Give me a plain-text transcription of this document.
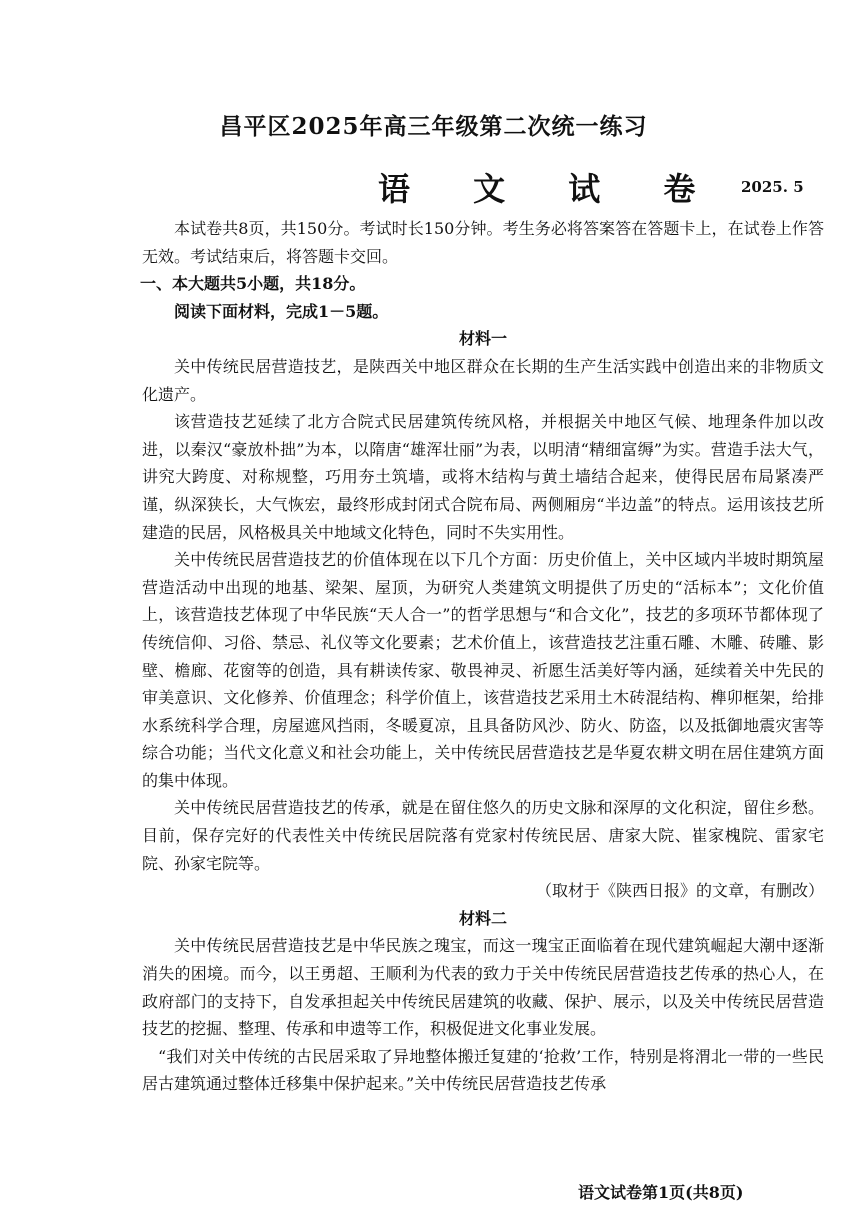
昌平区2025年高三年级第二次统一练习
语 文 试 卷 2025. 5

本试卷共8页，共150分。考试时长150分钟。考生务必将答案答在答题卡上，在试卷上作答无效。考试结束后，将答题卡交回。

一、本大题共5小题，共18分。

阅读下面材料，完成1－5题。

材料一

关中传统民居营造技艺，是陕西关中地区群众在长期的生产生活实践中创造出来的非物质文化遗产。

该营造技艺延续了北方合院式民居建筑传统风格，并根据关中地区气候、地理条件加以改进，以秦汉“豪放朴拙”为本，以隋唐“雄浑壮丽”为表，以明清“精细富缛”为实。营造手法大气，讲究大跨度、对称规整，巧用夯土筑墙，或将木结构与黄土墙结合起来，使得民居布局紧凑严谨，纵深狭长，大气恢宏，最终形成封闭式合院布局、两侧厢房“半边盖”的特点。运用该技艺所建造的民居，风格极具关中地域文化特色，同时不失实用性。

关中传统民居营造技艺的价值体现在以下几个方面：历史价值上，关中区域内半坡时期筑屋营造活动中出现的地基、梁架、屋顶，为研究人类建筑文明提供了历史的“活标本”；文化价值上，该营造技艺体现了中华民族“天人合一”的哲学思想与“和合文化”，技艺的多项环节都体现了传统信仰、习俗、禁忌、礼仪等文化要素；艺术价值上，该营造技艺注重石雕、木雕、砖雕、影壁、檐廊、花窗等的创造，具有耕读传家、敬畏神灵、祈愿生活美好等内涵，延续着关中先民的审美意识、文化修养、价值理念；科学价值上，该营造技艺采用土木砖混结构、榫卯框架，给排水系统科学合理，房屋遮风挡雨，冬暖夏凉，且具备防风沙、防火、防盗，以及抵御地震灾害等综合功能；当代文化意义和社会功能上，关中传统民居营造技艺是华夏农耕文明在居住建筑方面的集中体现。

关中传统民居营造技艺的传承，就是在留住悠久的历史文脉和深厚的文化积淀，留住乡愁。目前，保存完好的代表性关中传统民居院落有党家村传统民居、唐家大院、崔家槐院、雷家宅院、孙家宅院等。

（取材于《陕西日报》的文章，有删改）

材料二

关中传统民居营造技艺是中华民族之瑰宝，而这一瑰宝正面临着在现代建筑崛起大潮中逐渐消失的困境。而今，以王勇超、王顺利为代表的致力于关中传统民居营造技艺传承的热心人，在政府部门的支持下，自发承担起关中传统民居建筑的收藏、保护、展示，以及关中传统民居营造技艺的挖掘、整理、传承和申遗等工作，积极促进文化事业发展。

“我们对关中传统的古民居采取了异地整体搬迁复建的‘抢救’工作，特别是将渭北一带的一些民居古建筑通过整体迁移集中保护起来。”关中传统民居营造技艺传承

语文试卷第1页(共8页)
